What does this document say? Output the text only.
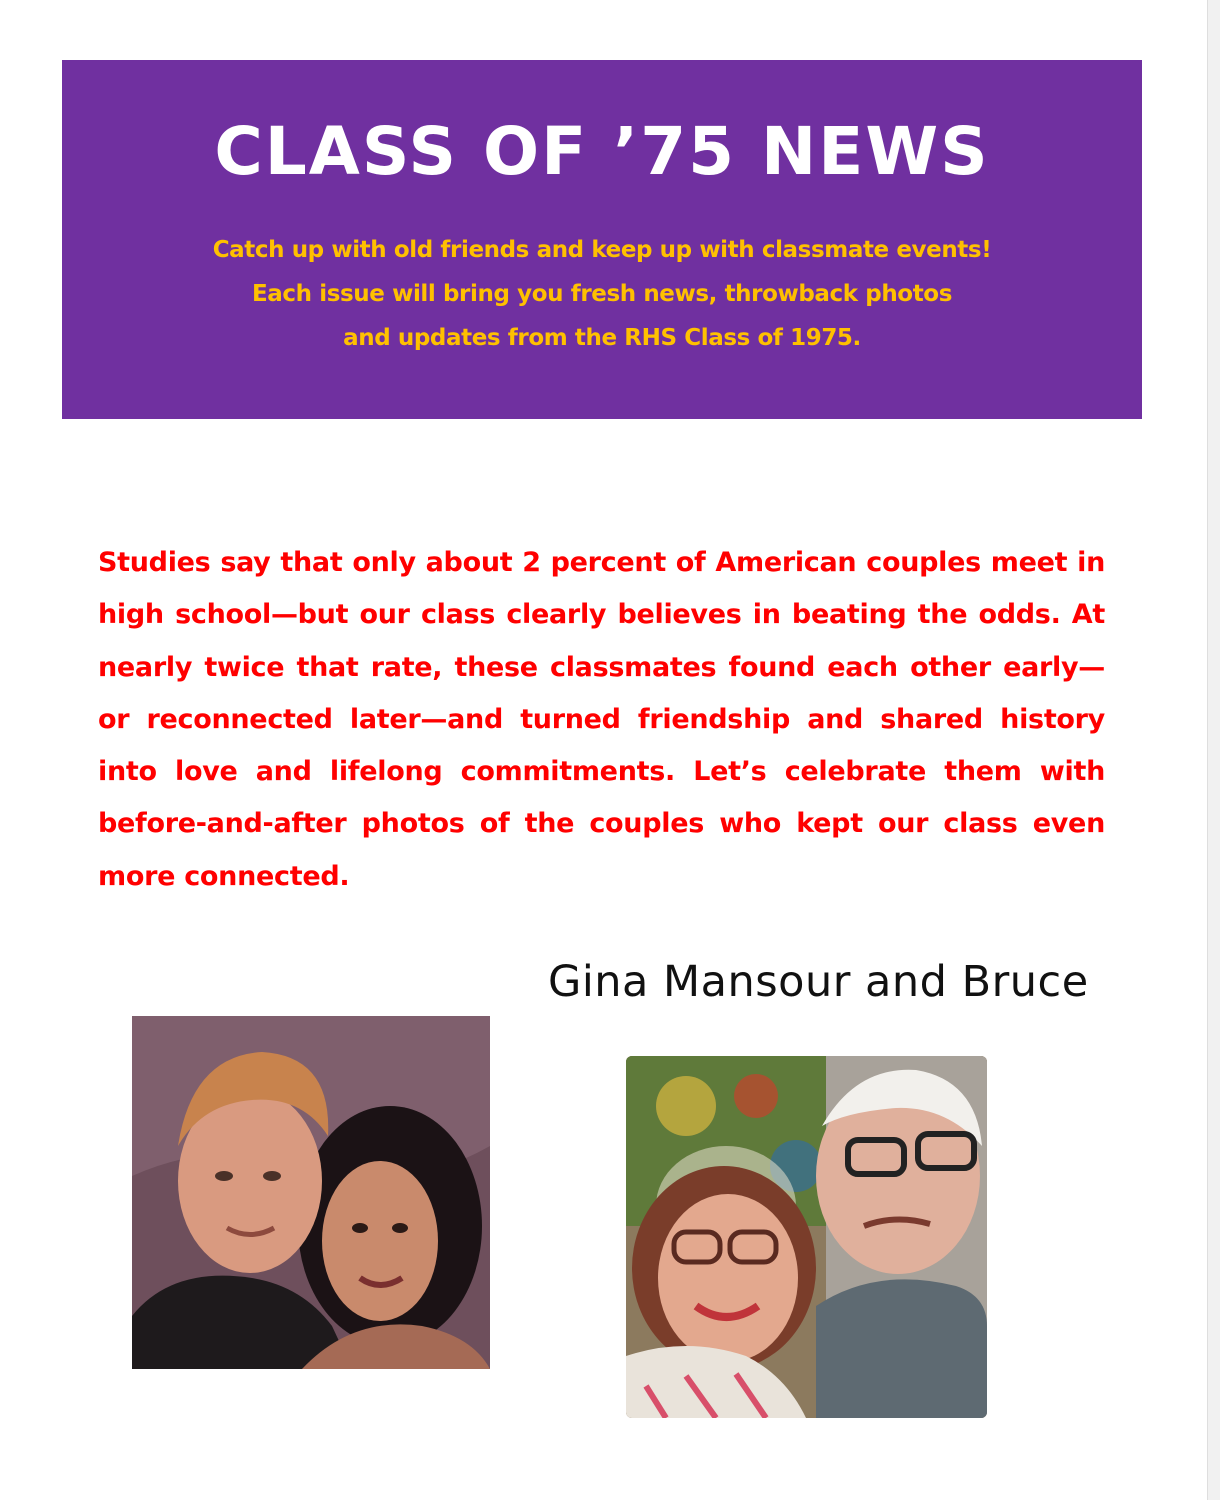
CLASS OF ’75 NEWS

Catch up with old friends and keep up with classmate events!
Each issue will bring you fresh news, throwback photos
and updates from the RHS Class of 1975.

Studies say that only about 2 percent of American couples meet in high school—but our class clearly believes in beating the odds. At nearly twice that rate, these classmates found each other early—or reconnected later—and turned friendship and shared history into love and lifelong commitments. Let’s celebrate them with before-and-after photos of the couples who kept our class even more connected.

Gina Mansour and Bruce
